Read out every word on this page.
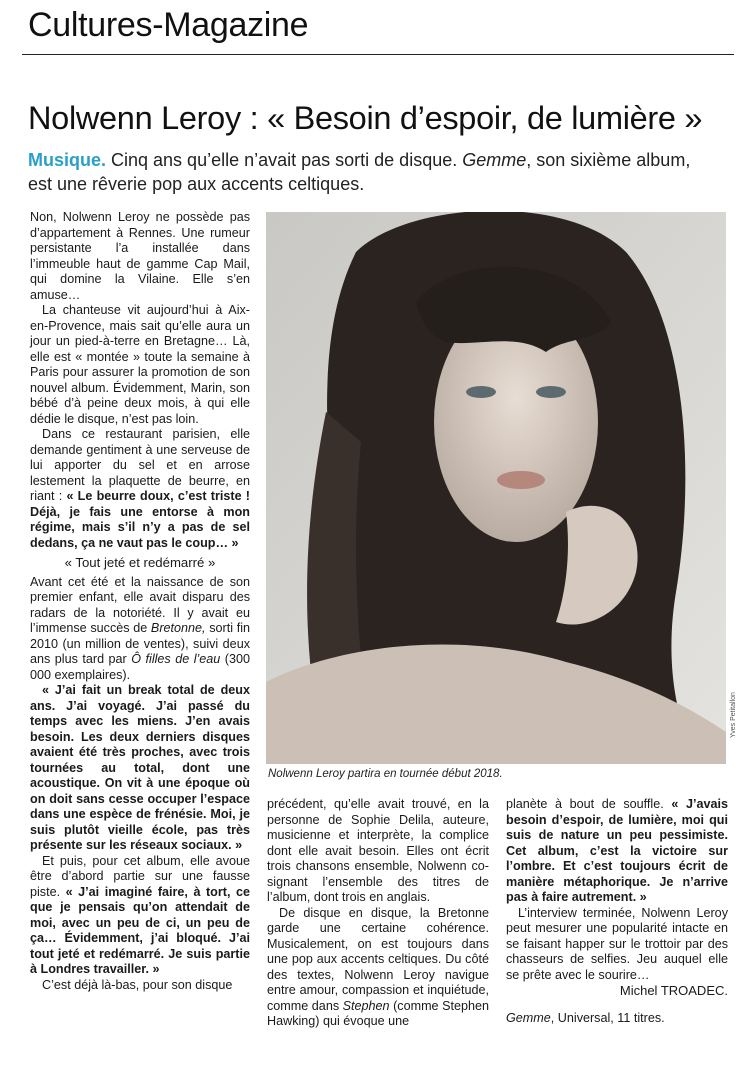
Cultures-Magazine
Nolwenn Leroy : « Besoin d’espoir, de lumière »
Musique. Cinq ans qu’elle n’avait pas sorti de disque. Gemme, son sixième album, est une rêverie pop aux accents celtiques.

Non, Nolwenn Leroy ne possède pas d’appartement à Rennes. Une rumeur persistante l’a installée dans l’immeuble haut de gamme Cap Mail, qui domine la Vilaine. Elle s’en amuse…

La chanteuse vit aujourd’hui à Aix-en-Provence, mais sait qu’elle aura un jour un pied-à-terre en Bretagne… Là, elle est « montée » toute la semaine à Paris pour assurer la promotion de son nouvel album. Évidemment, Marin, son bébé d’à peine deux mois, à qui elle dédie le disque, n’est pas loin.

Dans ce restaurant parisien, elle demande gentiment à une serveuse de lui apporter du sel et en arrose lestement la plaquette de beurre, en riant : « Le beurre doux, c’est triste ! Déjà, je fais une entorse à mon régime, mais s’il n’y a pas de sel dedans, ça ne vaut pas le coup… »

« Tout jeté et redémarré »

Avant cet été et la naissance de son premier enfant, elle avait disparu des radars de la notoriété. Il y avait eu l’immense succès de Bretonne, sorti fin 2010 (un million de ventes), suivi deux ans plus tard par Ô filles de l’eau (300 000 exemplaires).

« J’ai fait un break total de deux ans. J’ai voyagé. J’ai passé du temps avec les miens. J’en avais besoin. Les deux derniers disques avaient été très proches, avec trois tournées au total, dont une acoustique. On vit à une époque où on doit sans cesse occuper l’espace dans une espèce de frénésie. Moi, je suis plutôt vieille école, pas très présente sur les réseaux sociaux. »

Et puis, pour cet album, elle avoue être d’abord partie sur une fausse piste. « J’ai imaginé faire, à tort, ce que je pensais qu’on attendait de moi, avec un peu de ci, un peu de ça… Évidemment, j’ai bloqué. J’ai tout jeté et redémarré. Je suis partie à Londres travailler. »

C’est déjà là-bas, pour son disque

Yves Petitallon
Nolwenn Leroy partira en tournée début 2018.

précédent, qu’elle avait trouvé, en la personne de Sophie Delila, auteure, musicienne et interprète, la complice dont elle avait besoin. Elles ont écrit trois chansons ensemble, Nolwenn co-signant l’ensemble des titres de l’album, dont trois en anglais.

De disque en disque, la Bretonne garde une certaine cohérence. Musicalement, on est toujours dans une pop aux accents celtiques. Du côté des textes, Nolwenn Leroy navigue entre amour, compassion et inquiétude, comme dans Stephen (comme Stephen Hawking) qui évoque une

planète à bout de souffle. « J’avais besoin d’espoir, de lumière, moi qui suis de nature un peu pessimiste. Cet album, c’est la victoire sur l’ombre. Et c’est toujours écrit de manière métaphorique. Je n’arrive pas à faire autrement. »

L’interview terminée, Nolwenn Leroy peut mesurer une popularité intacte en se faisant happer sur le trottoir par des chasseurs de selfies. Jeu auquel elle se prête avec le sourire…

Michel TROADEC.

Gemme, Universal, 11 titres.
